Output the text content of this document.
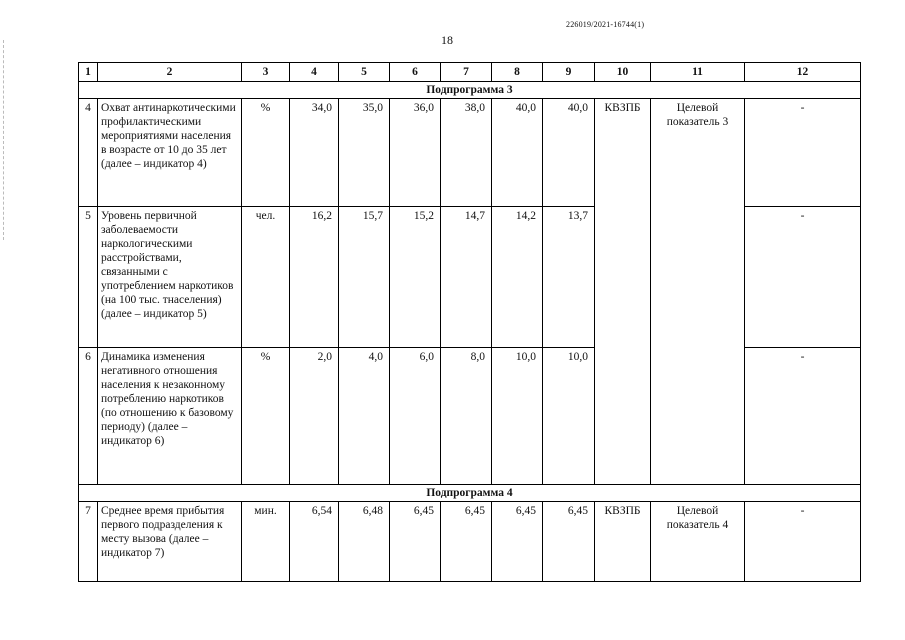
226019/2021-16744(1)
18
1	2	3	4	5	6	7	8	9	10	11	12
Подпрограмма 3											
4	Охват антинаркотическими профилактическими мероприятиями населения в возрасте от 10 до 35 лет (далее – индикатор 4)	%	34,0	35,0	36,0	38,0	40,0	40,0	КВЗПБ	Целевой показатель 3	-
5	Уровень первичной заболеваемости наркологическими расстройствами, связанными с употреблением наркотиков (на 100 тыс. тнаселения) (далее – индикатор 5)	чел.	16,2	15,7	15,2	14,7	14,2	13,7			-
6	Динамика изменения негативного отношения населения к незаконному потреблению наркотиков (по отношению к базовому периоду) (далее – индикатор 6)	%	2,0	4,0	6,0	8,0	10,0	10,0			-
Подпрограмма 4											
7	Среднее время прибытия первого подразделения к месту вызова (далее – индикатор 7)	мин.	6,54	6,48	6,45	6,45	6,45	6,45	КВЗПБ	Целевой показатель 4	-
